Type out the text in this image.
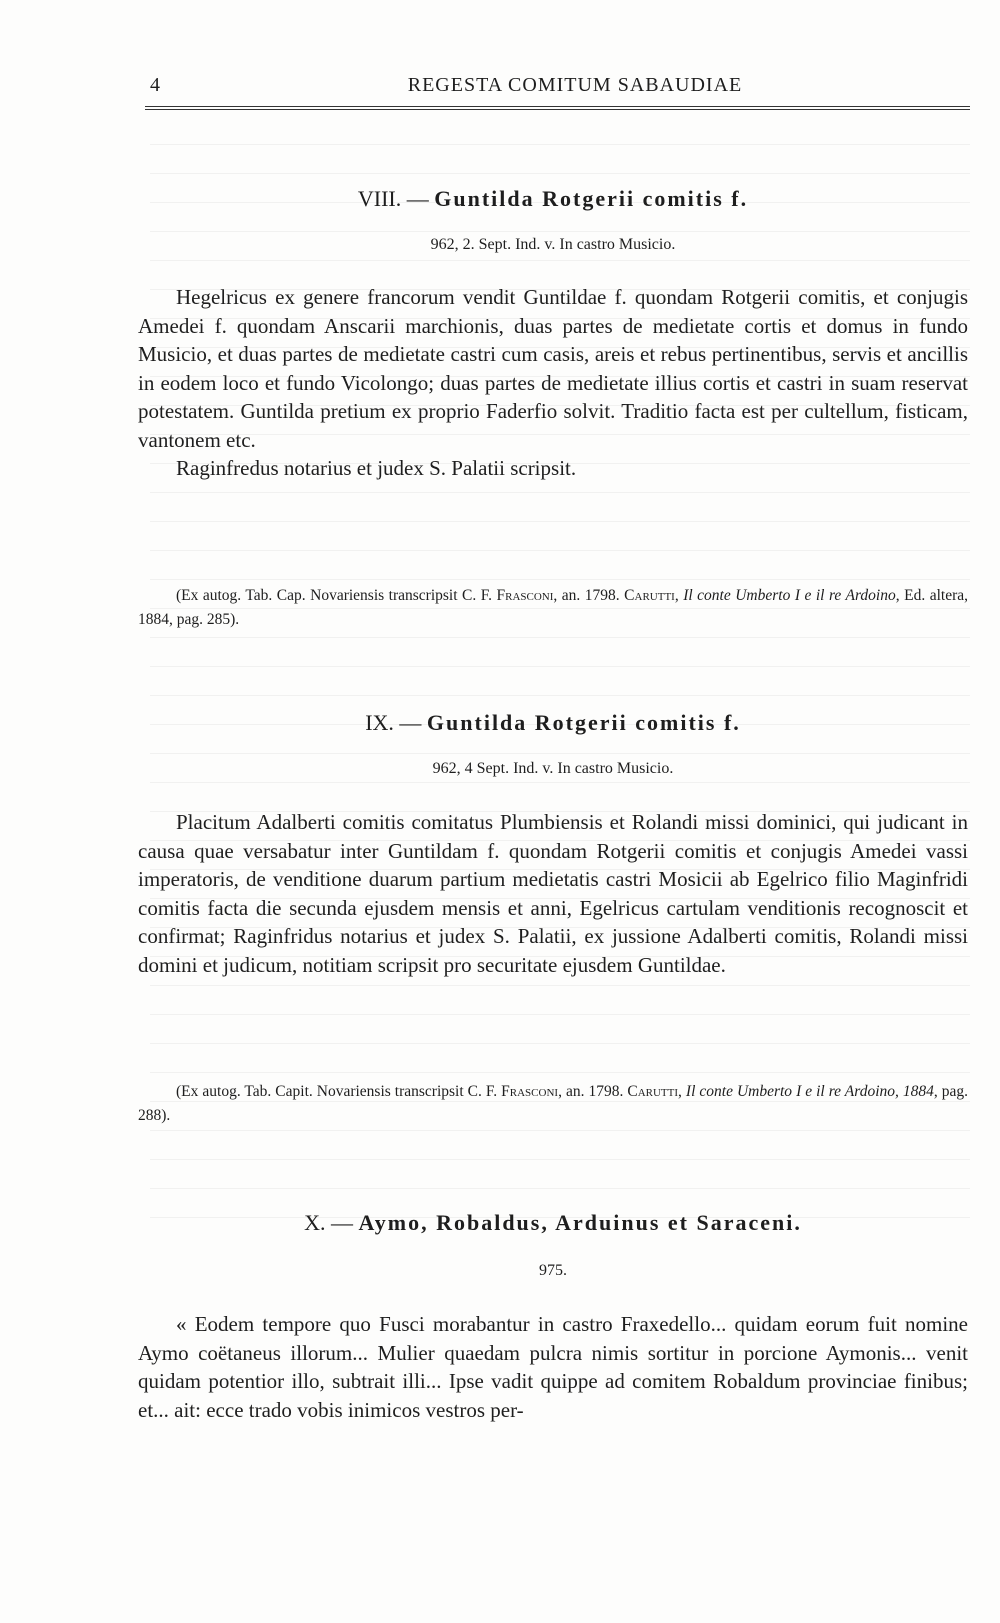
4	REGESTA COMITUM SABAUDIAE
VIII. — Guntilda Rotgerii comitis f.
962, 2. Sept. Ind. v. In castro Musicio.

Hegelricus ex genere francorum vendit Guntildae f. quondam Rotgerii comitis, et conjugis Amedei f. quondam Anscarii marchionis, duas partes de medietate cortis et domus in fundo Musicio, et duas partes de medietate castri cum casis, areis et rebus pertinentibus, servis et ancillis in eodem loco et fundo Vicolongo; duas partes de medietate illius cortis et castri in suam reservat potestatem. Guntilda pretium ex proprio Faderfio solvit. Traditio facta est per cultellum, fisticam, vantonem etc.

Raginfredus notarius et judex S. Palatii scripsit.

(Ex autog. Tab. Cap. Novariensis transcripsit C. F. Frasconi, an. 1798. Carutti, Il conte Umberto I e il re Ardoino, Ed. altera, 1884, pag. 285).

IX. — Guntilda Rotgerii comitis f.
962, 4 Sept. Ind. v. In castro Musicio.

Placitum Adalberti comitis comitatus Plumbiensis et Rolandi missi dominici, qui judicant in causa quae versabatur inter Guntildam f. quondam Rotgerii comitis et conjugis Amedei vassi imperatoris, de venditione duarum partium medietatis castri Mosicii ab Egelrico filio Maginfridi comitis facta die secunda ejusdem mensis et anni, Egelricus cartulam venditionis recognoscit et confirmat; Raginfridus notarius et judex S. Palatii, ex jussione Adalberti comitis, Rolandi missi domini et judicum, notitiam scripsit pro securitate ejusdem Guntildae.

(Ex autog. Tab. Capit. Novariensis transcripsit C. F. Frasconi, an. 1798. Carutti, Il conte Umberto I e il re Ardoino, 1884, pag. 288).

X. — Aymo, Robaldus, Arduinus et Saraceni.
975.

« Eodem tempore quo Fusci morabantur in castro Fraxedello... quidam eorum fuit nomine Aymo coëtaneus illorum... Mulier quaedam pulcra nimis sortitur in porcione Aymonis... venit quidam potentior illo, subtrait illi... Ipse vadit quippe ad comitem Robaldum provinciae finibus; et... ait: ecce trado vobis inimicos vestros per-
